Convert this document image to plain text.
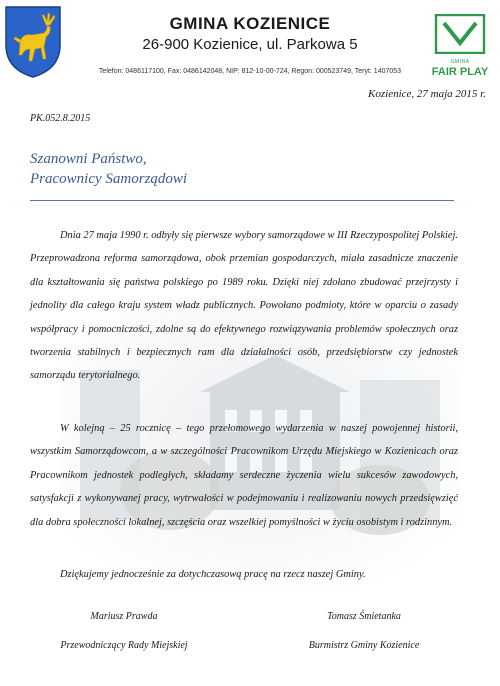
GMINA KOZIENICE
26-900 Kozienice, ul. Parkowa 5
Telefon: 0486117100, Fax: 0486142048, NIP: 812-10-00-724, Regon: 000523749, Teryt: 1407053
GMINA
FAIR PLAY
Kozienice, 27 maja 2015 r.
PK.052.8.2015
Szanowni Państwo,
Pracownicy Samorządowi

Dnia 27 maja 1990 r. odbyły się pierwsze wybory samorządowe w III Rzeczypospolitej Polskiej. Przeprowadzona reforma samorządowa, obok przemian gospodarczych, miała zasadnicze znaczenie dla kształtowania się państwa polskiego po 1989 roku. Dzięki niej zdołano zbudować przejrzysty i jednolity dla całego kraju system władz publicznych. Powołano podmioty, które w oparciu o zasady współpracy i pomocniczości, zdolne są do efektywnego rozwiązywania problemów społecznych oraz tworzenia stabilnych i bezpiecznych ram dla działalności osób, przedsiębiorstw czy jednostek samorządu terytorialnego.

W kolejną – 25 rocznicę – tego przełomowego wydarzenia w naszej powojennej historii, wszystkim Samorządowcom, a w szczególności Pracownikom Urzędu Miejskiego w Kozienicach oraz Pracownikom jednostek podległych, składamy serdeczne życzenia wielu sukcesów zawodowych, satysfakcji z wykonywanej pracy, wytrwałości w podejmowaniu i realizowaniu nowych przedsięwzięć dla dobra społeczności lokalnej, szczęścia oraz wszelkiej pomyślności w życiu osobistym i rodzinnym.

Dziękujemy jednocześnie za dotychczasową pracę na rzecz naszej Gminy.

Mariusz Prawda
Przewodniczący Rady Miejskiej
Tomasz Śmietanka
Burmistrz Gminy Kozienice
